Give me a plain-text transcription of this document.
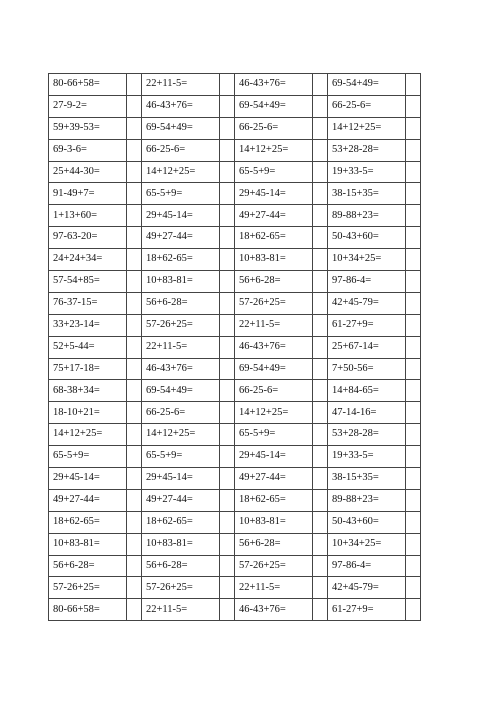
80-66+58=		22+11-5=		46-43+76=		69-54+49=	
27-9-2=		46-43+76=		69-54+49=		66-25-6=	
59+39-53=		69-54+49=		66-25-6=		14+12+25=	
69-3-6=		66-25-6=		14+12+25=		53+28-28=	
25+44-30=		14+12+25=		65-5+9=		19+33-5=	
91-49+7=		65-5+9=		29+45-14=		38-15+35=	
1+13+60=		29+45-14=		49+27-44=		89-88+23=	
97-63-20=		49+27-44=		18+62-65=		50-43+60=	
24+24+34=		18+62-65=		10+83-81=		10+34+25=	
57-54+85=		10+83-81=		56+6-28=		97-86-4=	
76-37-15=		56+6-28=		57-26+25=		42+45-79=	
33+23-14=		57-26+25=		22+11-5=		61-27+9=	
52+5-44=		22+11-5=		46-43+76=		25+67-14=	
75+17-18=		46-43+76=		69-54+49=		7+50-56=	
68-38+34=		69-54+49=		66-25-6=		14+84-65=	
18-10+21=		66-25-6=		14+12+25=		47-14-16=	
14+12+25=		14+12+25=		65-5+9=		53+28-28=	
65-5+9=		65-5+9=		29+45-14=		19+33-5=	
29+45-14=		29+45-14=		49+27-44=		38-15+35=	
49+27-44=		49+27-44=		18+62-65=		89-88+23=	
18+62-65=		18+62-65=		10+83-81=		50-43+60=	
10+83-81=		10+83-81=		56+6-28=		10+34+25=	
56+6-28=		56+6-28=		57-26+25=		97-86-4=	
57-26+25=		57-26+25=		22+11-5=		42+45-79=	
80-66+58=		22+11-5=		46-43+76=		61-27+9=	
